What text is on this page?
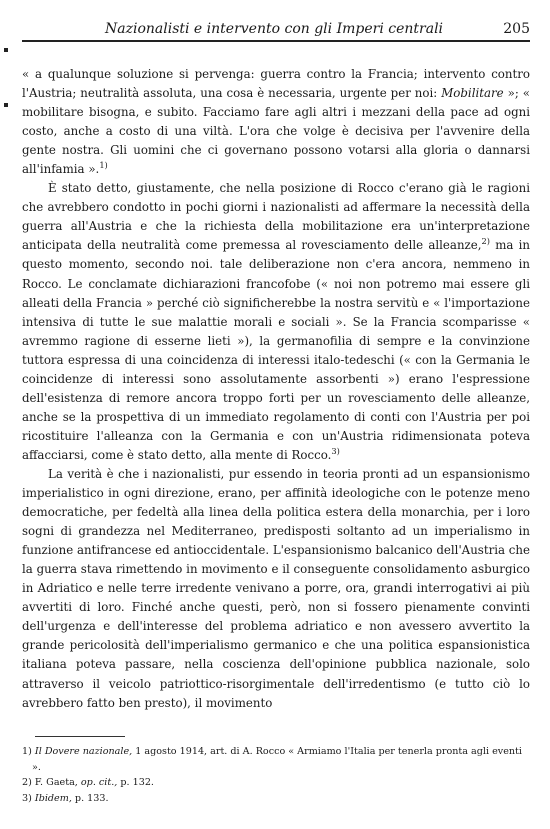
Nazionalisti e intervento con gli Imperi centrali	205

« a qualunque soluzione si pervenga: guerra contro la Francia; intervento contro l'Austria; neutralità assoluta, una cosa è necessaria, urgente per noi: Mobilitare »; « mobilitare bisogna, e subito. Facciamo fare agli altri i mezzani della pace ad ogni costo, anche a costo di una viltà. L'ora che volge è decisiva per l'avvenire della gente nostra. Gli uomini che ci governano possono votarsi alla gloria o dannarsi all'infamia ».$^{1)}$

È stato detto, giustamente, che nella posizione di Rocco c'erano già le ragioni che avrebbero condotto in pochi giorni i nazionalisti ad affermare la necessità della guerra all'Austria e che la richiesta della mobilitazione era un'interpretazione anticipata della neutralità come premessa al rovesciamento delle alleanze,$^{2)}$ ma in questo momento, secondo noi. tale deliberazione non c'era ancora, nemmeno in Rocco. Le conclamate dichiarazioni francofobe (« noi non potremo mai essere gli alleati della Francia » perché ciò significherebbe la nostra servitù e « l'importazione intensiva di tutte le sue malattie morali e sociali ». Se la Francia scomparisse « avremmo ragione di esserne lieti »), la germanofilia di sempre e la convinzione tuttora espressa di una coincidenza di interessi italo-tedeschi (« con la Germania le coincidenze di interessi sono assolutamente assorbenti ») erano l'espressione dell'esistenza di remore ancora troppo forti per un rovesciamento delle alleanze, anche se la prospettiva di un immediato regolamento di conti con l'Austria per poi ricostituire l'alleanza con la Germania e con un'Austria ridimensionata poteva affacciarsi, come è stato detto, alla mente di Rocco.$^{3)}$

La verità è che i nazionalisti, pur essendo in teoria pronti ad un espansionismo imperialistico in ogni direzione, erano, per affinità ideologiche con le potenze meno democratiche, per fedeltà alla linea della politica estera della monarchia, per i loro sogni di grandezza nel Mediterraneo, predisposti soltanto ad un imperialismo in funzione antifrancese ed antioccidentale. L'espansionismo balcanico dell'Austria che la guerra stava rimettendo in movimento e il conseguente consolidamento asburgico in Adriatico e nelle terre irredente venivano a porre, ora, grandi interrogativi ai più avvertiti di loro. Finché anche questi, però, non si fossero pienamente convinti dell'urgenza e dell'interesse del problema adriatico e non avessero avvertito la grande pericolosità dell'imperialismo germanico e che una politica espansionistica italiana poteva passare, nella coscienza dell'opinione pubblica nazionale, solo attraverso il veicolo patriottico-risorgimentale dell'irredentismo (e tutto ciò lo avrebbero fatto ben presto), il movimento

1) Il Dovere nazionale, 1 agosto 1914, art. di A. Rocco « Armiamo l'Italia per tenerla pronta agli eventi ».

2) F. Gaeta, op. cit., p. 132.

3) Ibidem, p. 133.
